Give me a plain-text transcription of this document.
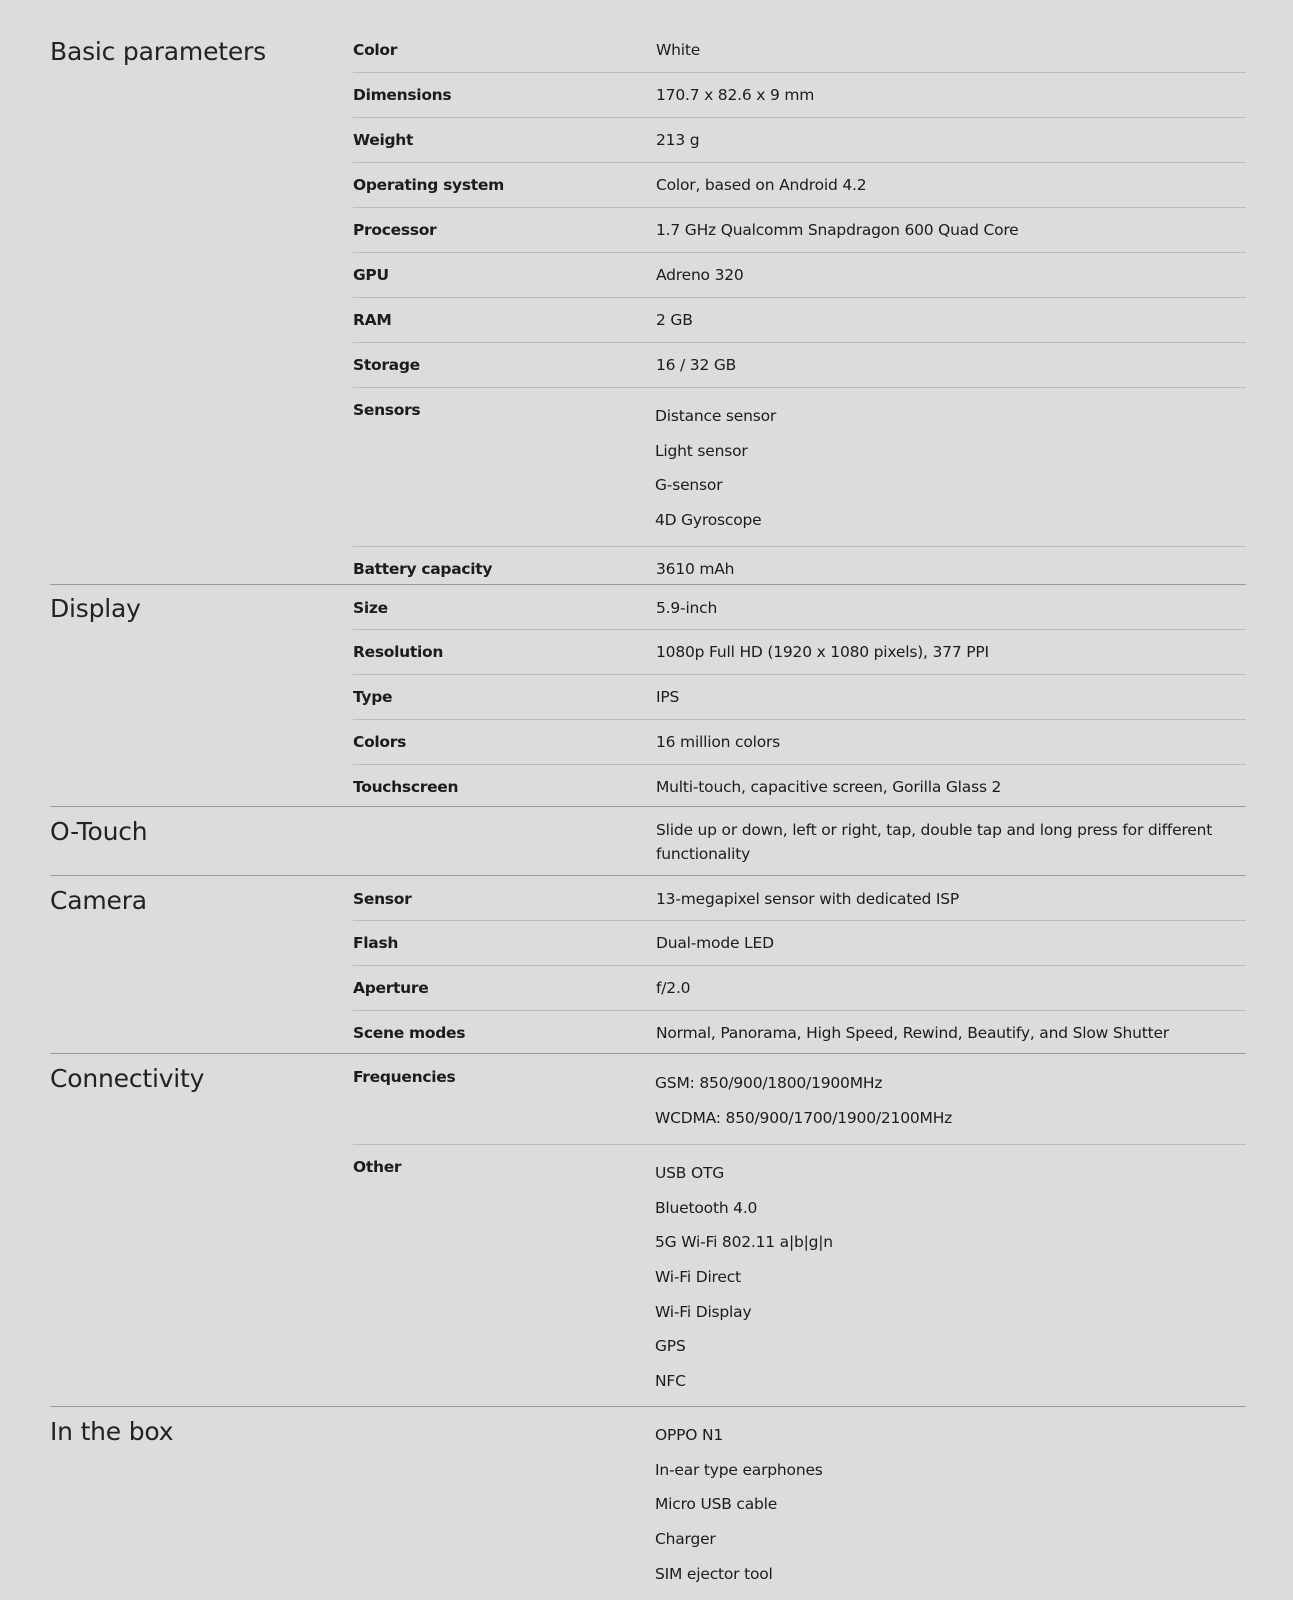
Basic parameters	Color	White
Dimensions	170.7 x 82.6 x 9 mm
Weight	213 g
Operating system	Color, based on Android 4.2
Processor	1.7 GHz Qualcomm Snapdragon 600 Quad Core
GPU	Adreno 320
RAM	2 GB
Storage	16 / 32 GB
Sensors	Distance sensor
Light sensor
G-sensor
4D Gyroscope
Battery capacity	3610 mAh
Display	Size	5.9-inch
Resolution	1080p Full HD (1920 x 1080 pixels), 377 PPI
Type	IPS
Colors	16 million colors
Touchscreen	Multi-touch, capacitive screen, Gorilla Glass 2
O-Touch	Slide up or down, left or right, tap, double tap and long press for different functionality
Camera	Sensor	13-megapixel sensor with dedicated ISP
Flash	Dual-mode LED
Aperture	f/2.0
Scene modes	Normal, Panorama, High Speed, Rewind, Beautify, and Slow Shutter
Connectivity	Frequencies	GSM: 850/900/1800/1900MHz
WCDMA: 850/900/1700/1900/2100MHz
Other	USB OTG
Bluetooth 4.0
5G Wi-Fi 802.11 a|b|g|n
Wi-Fi Direct
Wi-Fi Display
GPS
NFC
In the box	OPPO N1
In-ear type earphones
Micro USB cable
Charger
SIM ejector tool
